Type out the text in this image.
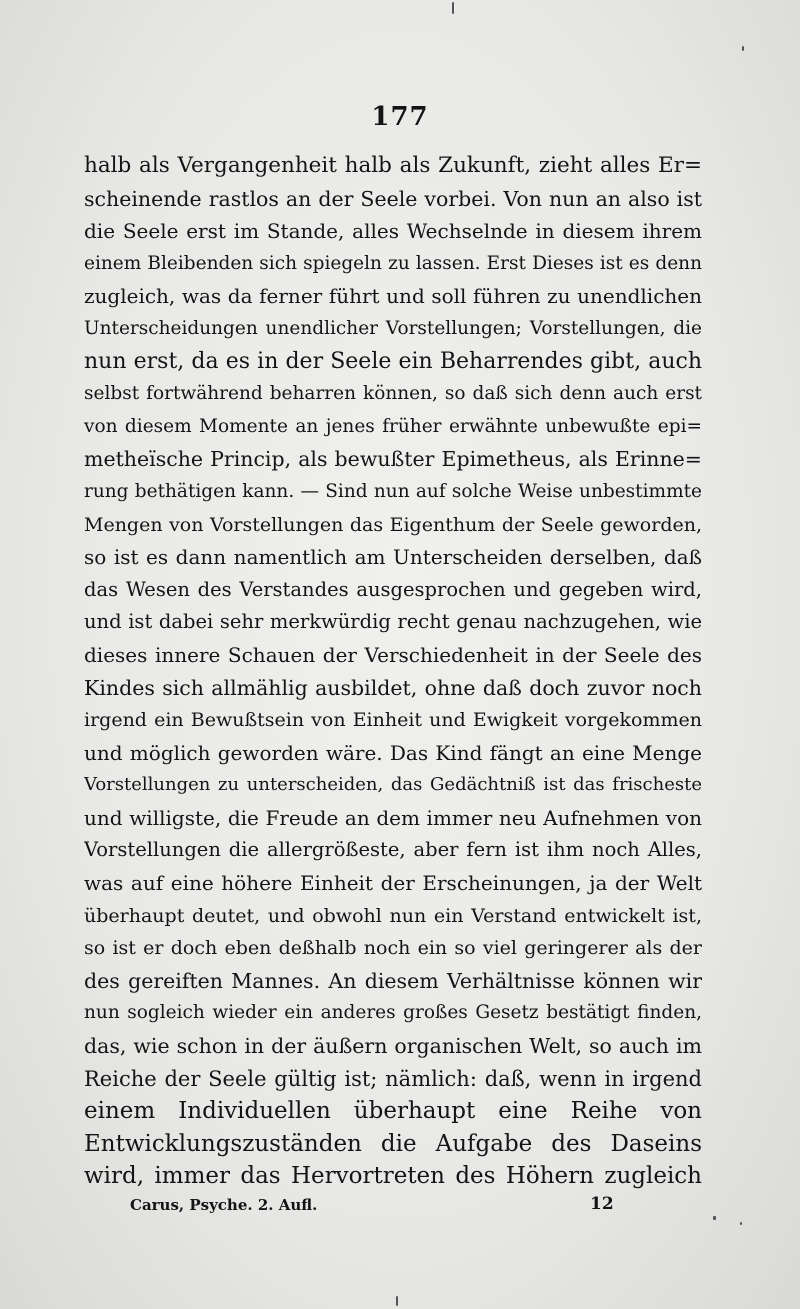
177
halb als Vergangenheit halb als Zukunft, zieht alles Er=
scheinende rastlos an der Seele vorbei. Von nun an also ist
die Seele erst im Stande, alles Wechselnde in diesem ihrem
einem Bleibenden sich spiegeln zu lassen. Erst Dieses ist es denn
zugleich, was da ferner führt und soll führen zu unendlichen
Unterscheidungen unendlicher Vorstellungen; Vorstellungen, die
nun erst, da es in der Seele ein Beharrendes gibt, auch
selbst fortwährend beharren können, so daß sich denn auch erst
von diesem Momente an jenes früher erwähnte unbewußte epi=
metheïsche Princip, als bewußter Epimetheus, als Erinne=
rung bethätigen kann. — Sind nun auf solche Weise unbestimmte
Mengen von Vorstellungen das Eigenthum der Seele geworden,
so ist es dann namentlich am Unterscheiden derselben, daß
das Wesen des Verstandes ausgesprochen und gegeben wird,
und ist dabei sehr merkwürdig recht genau nachzugehen, wie
dieses innere Schauen der Verschiedenheit in der Seele des
Kindes sich allmählig ausbildet, ohne daß doch zuvor noch
irgend ein Bewußtsein von Einheit und Ewigkeit vorgekommen
und möglich geworden wäre. Das Kind fängt an eine Menge
Vorstellungen zu unterscheiden, das Gedächtniß ist das frischeste
und willigste, die Freude an dem immer neu Aufnehmen von
Vorstellungen die allergrößeste, aber fern ist ihm noch Alles,
was auf eine höhere Einheit der Erscheinungen, ja der Welt
überhaupt deutet, und obwohl nun ein Verstand entwickelt ist,
so ist er doch eben deßhalb noch ein so viel geringerer als der
des gereiften Mannes. An diesem Verhältnisse können wir
nun sogleich wieder ein anderes großes Gesetz bestätigt finden,
das, wie schon in der äußern organischen Welt, so auch im
Reiche der Seele gültig ist; nämlich: daß, wenn in irgend
einem Individuellen überhaupt eine Reihe von
Entwicklungszuständen die Aufgabe des Daseins
wird, immer das Hervortreten des Höhern zugleich
Carus, Psyche. 2. Aufl.	12
